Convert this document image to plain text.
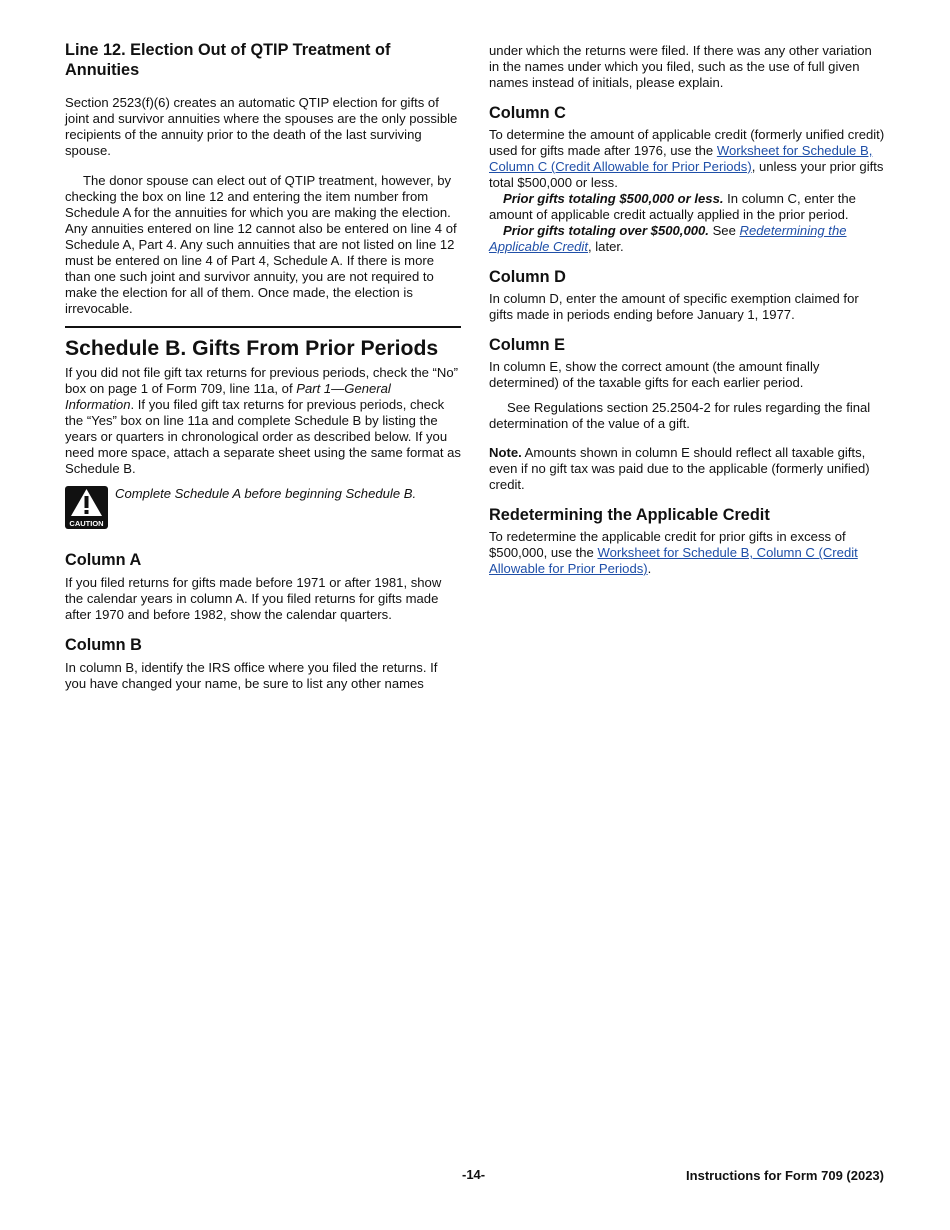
Line 12. Election Out of QTIP Treatment of Annuities

Section 2523(f)(6) creates an automatic QTIP election for gifts of joint and survivor annuities where the spouses are the only possible recipients of the annuity prior to the death of the last surviving spouse.

The donor spouse can elect out of QTIP treatment, however, by checking the box on line 12 and entering the item number from Schedule A for the annuities for which you are making the election. Any annuities entered on line 12 cannot also be entered on line 4 of Schedule A, Part 4. Any such annuities that are not listed on line 12 must be entered on line 4 of Part 4, Schedule A. If there is more than one such joint and survivor annuity, you are not required to make the election for all of them. Once made, the election is irrevocable.

Schedule B. Gifts From Prior Periods

If you did not file gift tax returns for previous periods, check the “No” box on page 1 of Form 709, line 11a, of Part 1—General Information. If you filed gift tax returns for previous periods, check the “Yes” box on line 11a and complete Schedule B by listing the years or quarters in chronological order as described below. If you need more space, attach a separate sheet using the same format as Schedule B.

CAUTION

Complete Schedule A before beginning Schedule B.

Column A

If you filed returns for gifts made before 1971 or after 1981, show the calendar years in column A. If you filed returns for gifts made after 1970 and before 1982, show the calendar quarters.

Column B

In column B, identify the IRS office where you filed the returns. If you have changed your name, be sure to list any other names

under which the returns were filed. If there was any other variation in the names under which you filed, such as the use of full given names instead of initials, please explain.

Column C

To determine the amount of applicable credit (formerly unified credit) used for gifts made after 1976, use the Worksheet for Schedule B, Column C (Credit Allowable for Prior Periods), unless your prior gifts total $500,000 or less.

Prior gifts totaling $500,000 or less. In column C, enter the amount of applicable credit actually applied in the prior period.

Prior gifts totaling over $500,000. See Redetermining the Applicable Credit, later.

Column D

In column D, enter the amount of specific exemption claimed for gifts made in periods ending before January 1, 1977.

Column E

In column E, show the correct amount (the amount finally determined) of the taxable gifts for each earlier period.

See Regulations section 25.2504-2 for rules regarding the final determination of the value of a gift.

Note. Amounts shown in column E should reflect all taxable gifts, even if no gift tax was paid due to the applicable (formerly unified) credit.

Redetermining the Applicable Credit

To redetermine the applicable credit for prior gifts in excess of $500,000, use the Worksheet for Schedule B, Column C (Credit Allowable for Prior Periods).

-14-	Instructions for Form 709 (2023)
